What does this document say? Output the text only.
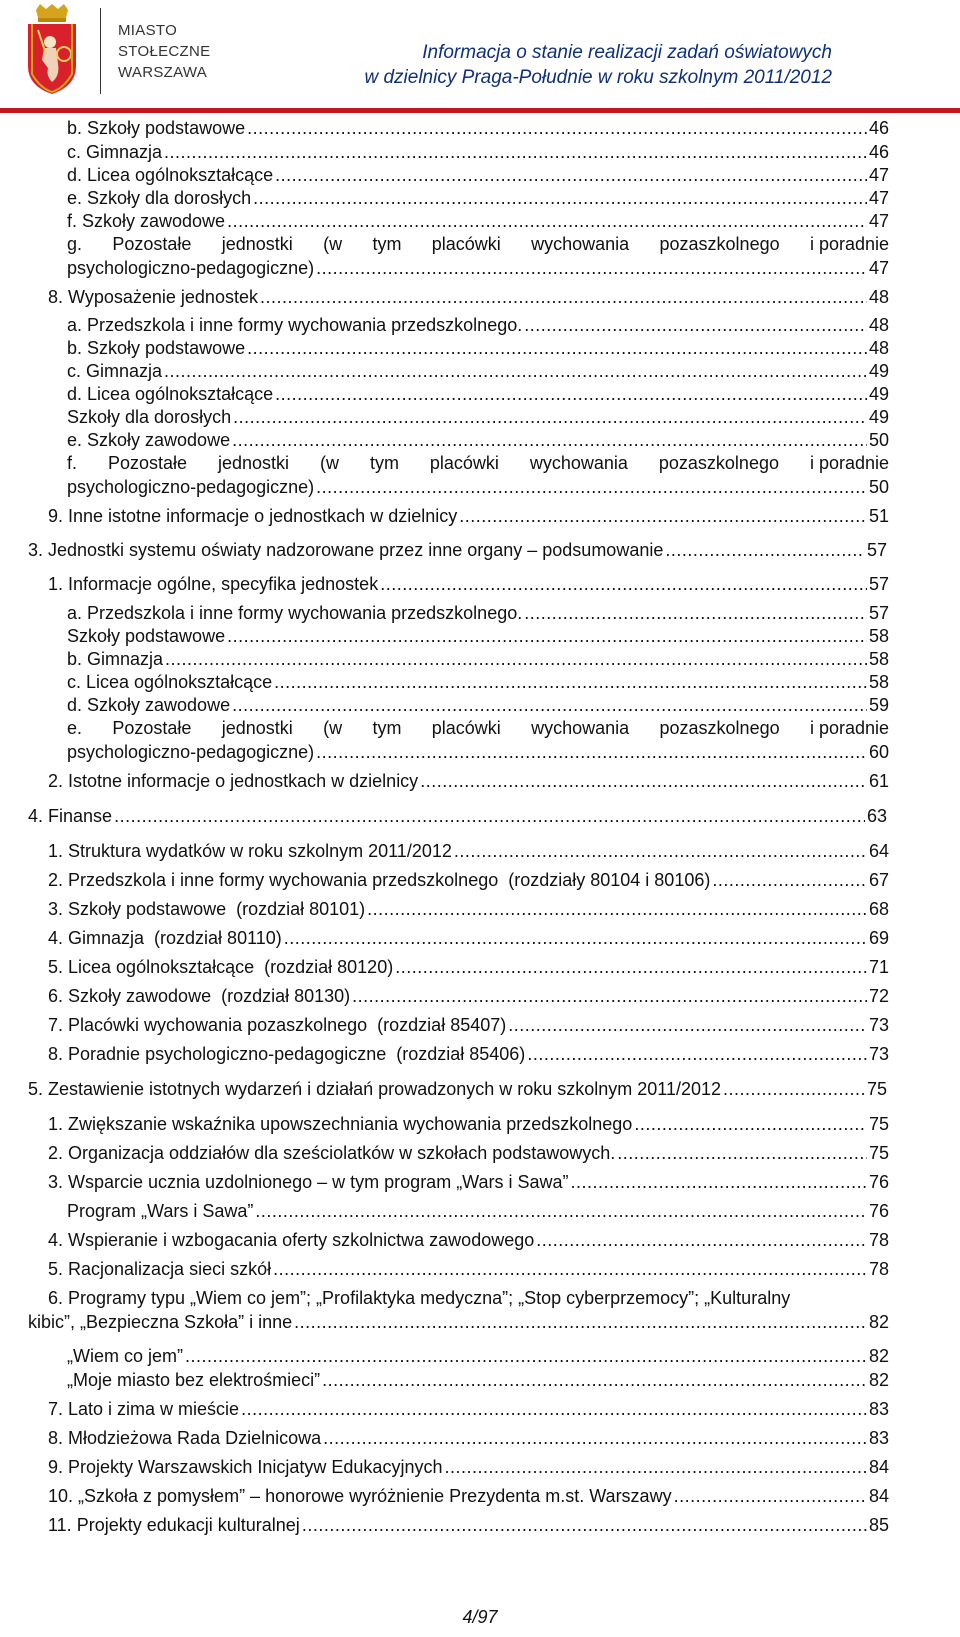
MIASTO
STOŁECZNE
WARSZAWA
Informacja o stanie realizacji zadań oświatowych
w dzielnicy Praga-Południe w roku szkolnym 2011/2012
b. Szkoły podstawowe .....	46
c. Gimnazja .....	46
d. Licea ogólnokształcące .....	47
e. Szkoły dla dorosłych .....	47
f. Szkoły zawodowe .....	47
g. Pozostałe jednostki (w tym placówki wychowania pozaszkolnego i poradnie
psychologiczno-pedagogiczne) .....	47
8. Wyposażenie jednostek .....	48
a. Przedszkola i inne formy wychowania przedszkolnego. .....	48
b. Szkoły podstawowe .....	48
c. Gimnazja .....	49
d. Licea ogólnokształcące .....	49
Szkoły dla dorosłych .....	49
e. Szkoły zawodowe .....	50
f. Pozostałe jednostki (w tym placówki wychowania pozaszkolnego i poradnie
psychologiczno-pedagogiczne) .....	50
9. Inne istotne informacje o jednostkach w dzielnicy .....	51
3. Jednostki systemu oświaty nadzorowane przez inne organy – podsumowanie .....	57
1. Informacje ogólne, specyfika jednostek .....	57
a. Przedszkola i inne formy wychowania przedszkolnego. .....	57
Szkoły podstawowe .....	58
b. Gimnazja .....	58
c. Licea ogólnokształcące .....	58
d. Szkoły zawodowe .....	59
e. Pozostałe jednostki (w tym placówki wychowania pozaszkolnego i poradnie
psychologiczno-pedagogiczne) .....	60
2. Istotne informacje o jednostkach w dzielnicy .....	61
4. Finanse .....	63
1. Struktura wydatków w roku szkolnym 2011/2012 .....	64
2. Przedszkola i inne formy wychowania przedszkolnego  (rozdziały 80104 i 80106) .....	67
3. Szkoły podstawowe  (rozdział 80101) .....	68
4. Gimnazja  (rozdział 80110) .....	69
5. Licea ogólnokształcące  (rozdział 80120) .....	71
6. Szkoły zawodowe  (rozdział 80130) .....	72
7. Placówki wychowania pozaszkolnego  (rozdział 85407) .....	73
8. Poradnie psychologiczno-pedagogiczne  (rozdział 85406) .....	73
5. Zestawienie istotnych wydarzeń i działań prowadzonych w roku szkolnym 2011/2012 .....	75
1. Zwiększanie wskaźnika upowszechniania wychowania przedszkolnego .....	75
2. Organizacja oddziałów dla sześciolatków w szkołach podstawowych. .....	75
3. Wsparcie ucznia uzdolnionego – w tym program „Wars i Sawa” .....	76
Program „Wars i Sawa” .....	76
4. Wspieranie i wzbogacania oferty szkolnictwa zawodowego .....	78
5. Racjonalizacja sieci szkół .....	78
6. Programy typu „Wiem co jem”; „Profilaktyka medyczna”; „Stop cyberprzemocy”; „Kulturalny
kibic”, „Bezpieczna Szkoła” i inne .....	82
„Wiem co jem” .....	82
„Moje miasto bez elektrośmieci” .....	82
7. Lato i zima w mieście .....	83
8. Młodzieżowa Rada Dzielnicowa .....	83
9. Projekty Warszawskich Inicjatyw Edukacyjnych .....	84
10. „Szkoła z pomysłem” – honorowe wyróżnienie Prezydenta m.st. Warszawy .....	84
11. Projekty edukacji kulturalnej .....	85
4/97
